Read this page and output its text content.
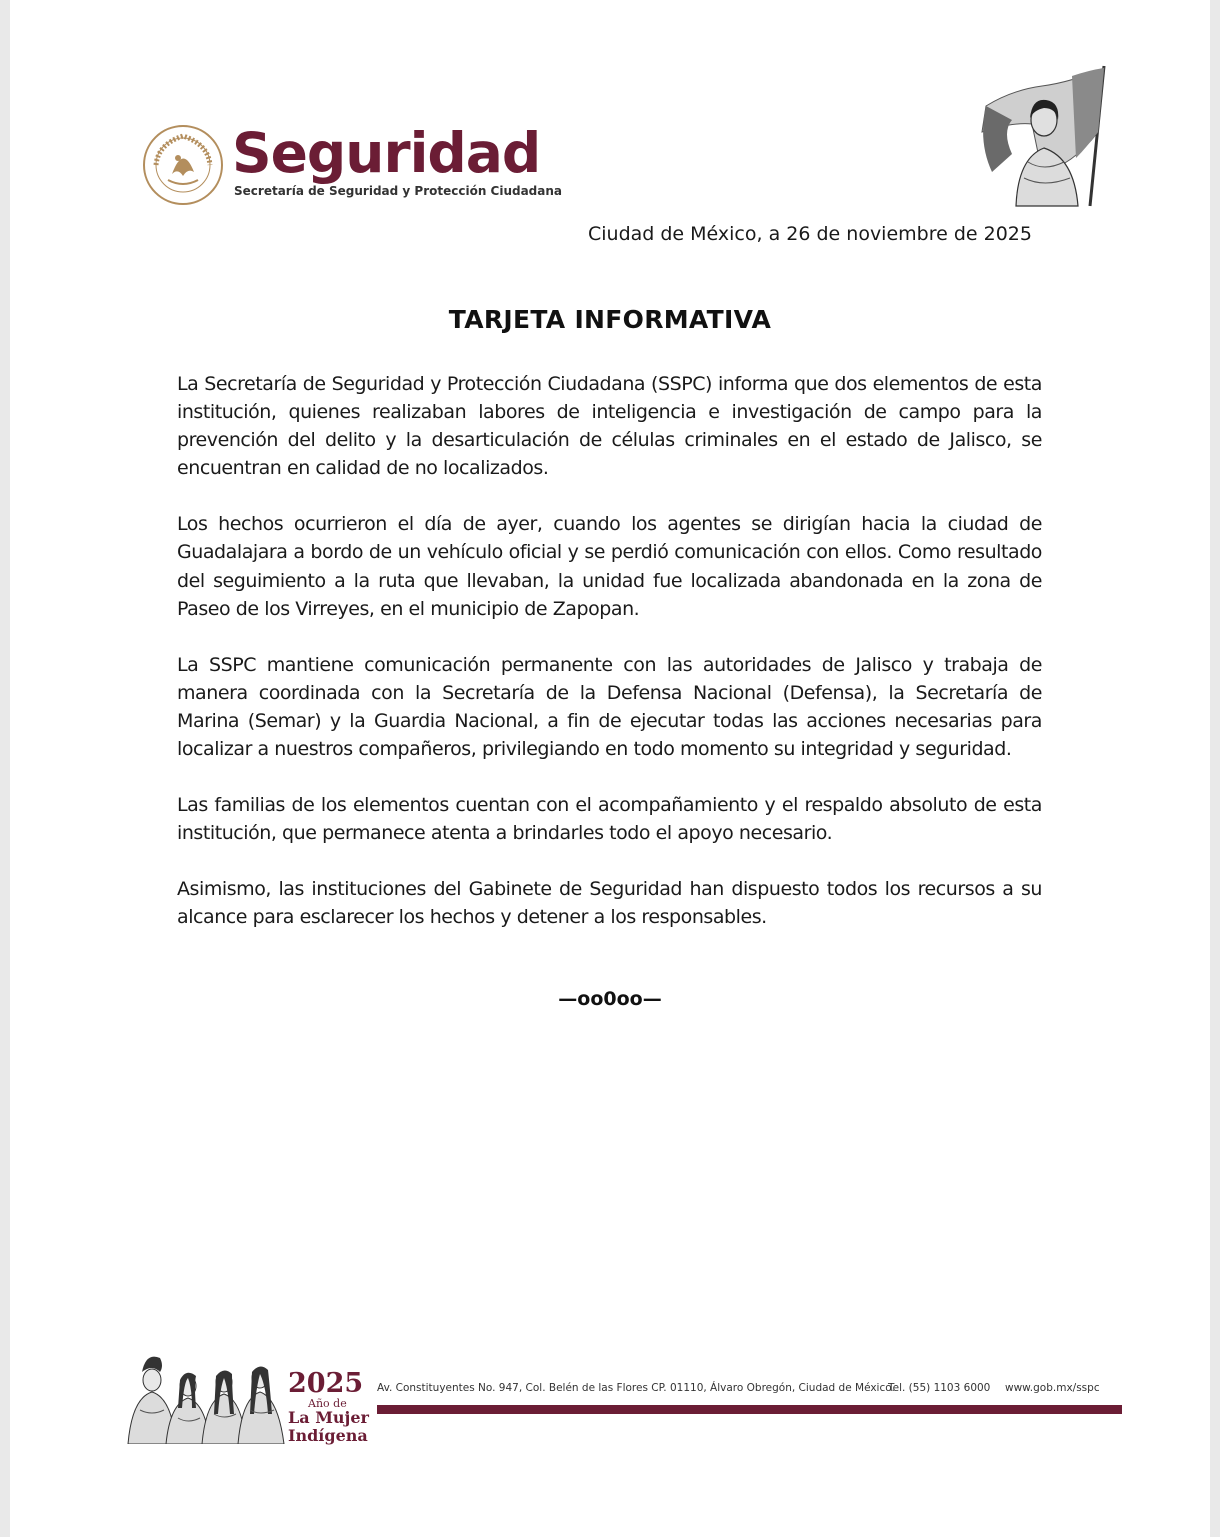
Seguridad
Secretaría de Seguridad y Protección Ciudadana
Ciudad de México, a 26 de noviembre de 2025
TARJETA INFORMATIVA

La Secretaría de Seguridad y Protección Ciudadana (SSPC) informa que dos elementos de esta institución, quienes realizaban labores de inteligencia e investigación de campo para la prevención del delito y la desarticulación de células criminales en el estado de Jalisco, se encuentran en calidad de no localizados.

Los hechos ocurrieron el día de ayer, cuando los agentes se dirigían hacia la ciudad de Guadalajara a bordo de un vehículo oficial y se perdió comunicación con ellos. Como resultado del seguimiento a la ruta que llevaban, la unidad fue localizada abandonada en la zona de Paseo de los Virreyes, en el municipio de Zapopan.

La SSPC mantiene comunicación permanente con las autoridades de Jalisco y trabaja de manera coordinada con la Secretaría de la Defensa Nacional (Defensa), la Secretaría de Marina (Semar) y la Guardia Nacional, a fin de ejecutar todas las acciones necesarias para localizar a nuestros compañeros, privilegiando en todo momento su integridad y seguridad.

Las familias de los elementos cuentan con el acompañamiento y el respaldo absoluto de esta institución, que permanece atenta a brindarles todo el apoyo necesario.

Asimismo, las instituciones del Gabinete de Seguridad han dispuesto todos los recursos a su alcance para esclarecer los hechos y detener a los responsables.

—oo0oo—
2025
Año de
La Mujer
Indígena
Av. Constituyentes No. 947, Col. Belén de las Flores CP. 01110, Álvaro Obregón, Ciudad de México.
Tel. (55) 1103 6000 www.gob.mx/sspc
